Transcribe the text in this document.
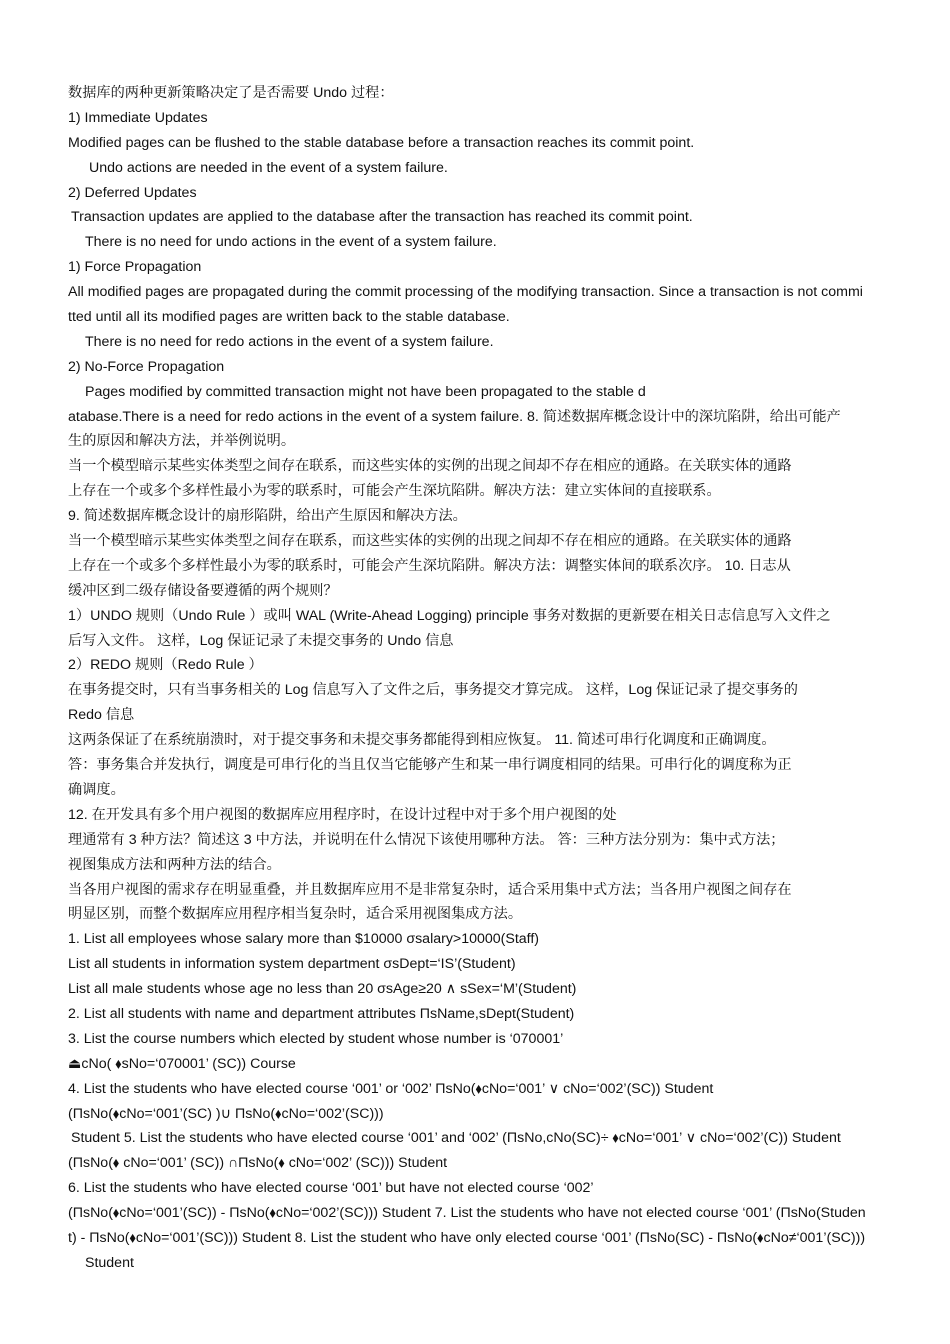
数据库的两种更新策略决定了是否需要 Undo 过程：
1) Immediate Updates
Modified pages can be flushed to the stable database before a transaction reaches its commit point.
Undo actions are needed in the event of a system failure.
2) Deferred Updates
Transaction updates are applied to the database after the transaction has reached its commit point.
There is no need for undo actions in the event of a system failure.
1) Force Propagation
All modified pages are propagated during the commit processing of the modifying transaction. Since a transaction is not commi
tted until all its modified pages are written back to the stable database.
There is no need for redo actions in the event of a system failure.
2) No-Force Propagation
Pages modified by committed transaction might not have been propagated to the stable d
atabase.There is a need for redo actions in the event of a system failure. 8. 简述数据库概念设计中的深坑陷阱，给出可能产
生的原因和解决方法，并举例说明。
当一个模型暗示某些实体类型之间存在联系，而这些实体的实例的出现之间却不存在相应的通路。在关联实体的通路
上存在一个或多个多样性最小为零的联系时，可能会产生深坑陷阱。解决方法：建立实体间的直接联系。
9. 简述数据库概念设计的扇形陷阱，给出产生原因和解决方法。
当一个模型暗示某些实体类型之间存在联系，而这些实体的实例的出现之间却不存在相应的通路。在关联实体的通路
上存在一个或多个多样性最小为零的联系时，可能会产生深坑陷阱。解决方法：调整实体间的联系次序。 10. 日志从
缓冲区到二级存储设备要遵循的两个规则？
1）UNDO 规则（Undo Rule ）或叫 WAL (Write-Ahead Logging) principle 事务对数据的更新要在相关日志信息写入文件之
后写入文件。 这样，Log 保证记录了未提交事务的 Undo 信息
2）REDO 规则（Redo Rule ）
在事务提交时，只有当事务相关的 Log 信息写入了文件之后，事务提交才算完成。 这样，Log 保证记录了提交事务的
Redo 信息
这两条保证了在系统崩溃时，对于提交事务和未提交事务都能得到相应恢复。 11. 简述可串行化调度和正确调度。
答：事务集合并发执行，调度是可串行化的当且仅当它能够产生和某一串行调度相同的结果。可串行化的调度称为正
确调度。
12. 在开发具有多个用户视图的数据库应用程序时，在设计过程中对于多个用户视图的处
理通常有 3 种方法？简述这 3 中方法，并说明在什么情况下该使用哪种方法。 答：三种方法分别为：集中式方法；
视图集成方法和两种方法的结合。
当各用户视图的需求存在明显重叠，并且数据库应用不是非常复杂时，适合采用集中式方法；当各用户视图之间存在
明显区别，而整个数据库应用程序相当复杂时，适合采用视图集成方法。
1. List all employees whose salary more than $10000 σsalary>10000(Staff)
List all students in information system department σsDept=‘IS’(Student)
List all male students whose age no less than 20 σsAge≥20 ∧ sSex=‘M’(Student)
2. List all students with name and department attributes ΠsName,sDept(Student)
3. List the course numbers which elected by student whose number is ‘070001’
⏏cNo( ⬧sNo=‘070001’ (SC)) Course
4. List the students who have elected course ‘001’ or ‘002’ ΠsNo(⬧cNo=‘001’ ∨ cNo=‘002’(SC)) Student
(ΠsNo(⬧cNo=‘001’(SC) )∪ ΠsNo(⬧cNo=‘002’(SC)))
Student 5. List the students who have elected course ‘001’ and ‘002’ (ΠsNo,cNo(SC)÷ ⬧cNo=‘001’ ∨ cNo=‘002’(C)) Student
(ΠsNo(⬧ cNo=‘001’ (SC)) ∩ΠsNo(⬧ cNo=‘002’ (SC))) Student
6. List the students who have elected course ‘001’ but have not elected course ‘002’
(ΠsNo(⬧cNo=‘001’(SC)) - ΠsNo(⬧cNo=‘002’(SC))) Student 7. List the students who have not elected course ‘001’ (ΠsNo(Studen
t) - ΠsNo(⬧cNo=‘001’(SC))) Student 8. List the student who have only elected course ‘001’ (ΠsNo(SC) - ΠsNo(⬧cNo≠‘001’(SC)))
Student
